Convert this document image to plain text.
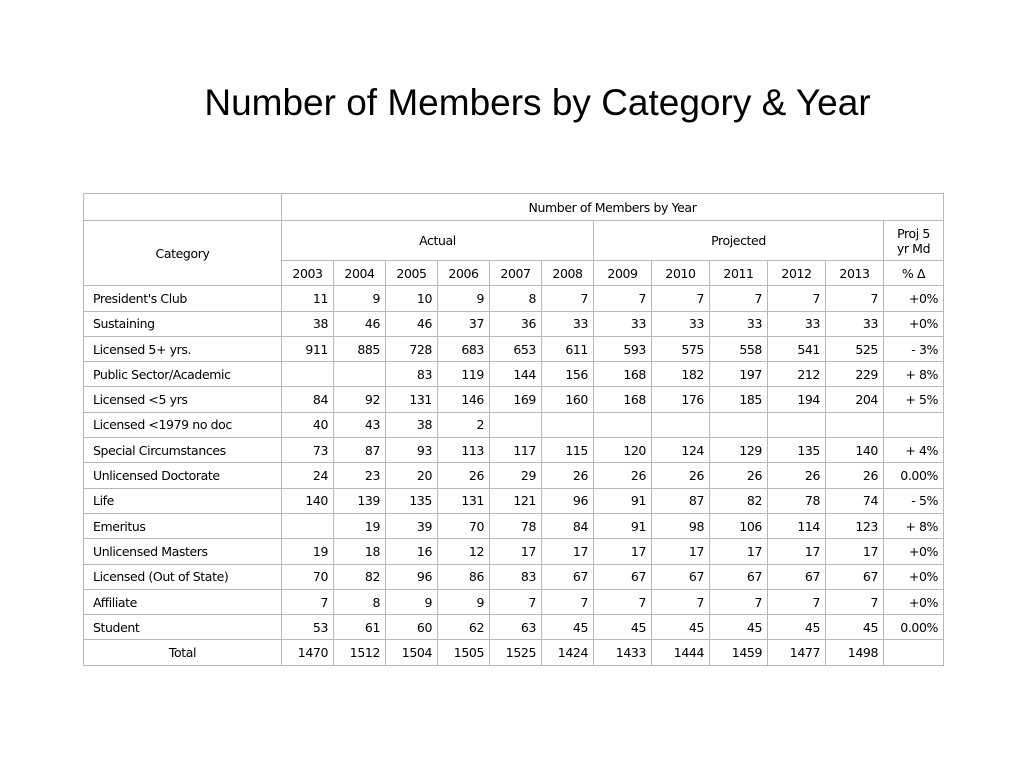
Number of Members by Category & Year
	Number of Members by Year											
Category	Actual						Projected					Proj 5
yr Md
	2003	2004	2005	2006	2007	2008	2009	2010	2011	2012	2013	% Δ
President's Club	11	9	10	9	8	7	7	7	7	7	7	+0%
Sustaining	38	46	46	37	36	33	33	33	33	33	33	+0%
Licensed 5+ yrs.	911	885	728	683	653	611	593	575	558	541	525	- 3%
Public Sector/Academic			83	119	144	156	168	182	197	212	229	+ 8%
Licensed <5 yrs	84	92	131	146	169	160	168	176	185	194	204	+ 5%
Licensed <1979 no doc	40	43	38	2								
Special Circumstances	73	87	93	113	117	115	120	124	129	135	140	+ 4%
Unlicensed Doctorate	24	23	20	26	29	26	26	26	26	26	26	0.00%
Life	140	139	135	131	121	96	91	87	82	78	74	- 5%
Emeritus		19	39	70	78	84	91	98	106	114	123	+ 8%
Unlicensed Masters	19	18	16	12	17	17	17	17	17	17	17	+0%
Licensed (Out of State)	70	82	96	86	83	67	67	67	67	67	67	+0%
Affiliate	7	8	9	9	7	7	7	7	7	7	7	+0%
Student	53	61	60	62	63	45	45	45	45	45	45	0.00%
Total	1470	1512	1504	1505	1525	1424	1433	1444	1459	1477	1498	
